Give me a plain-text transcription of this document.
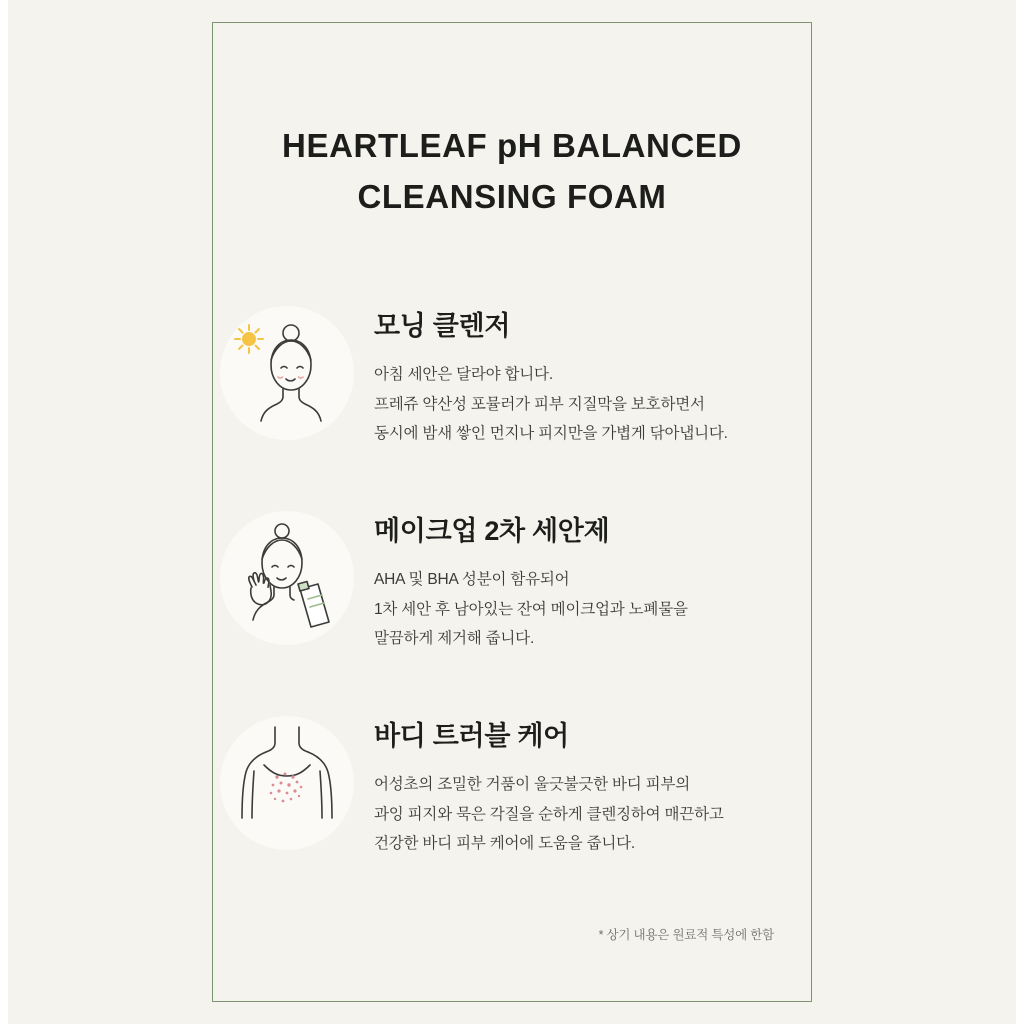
HEARTLEAF pH BALANCED
CLEANSING FOAM
모닝 클렌저
아침 세안은 달라야 합니다.
프레쥬 약산성 포뮬러가 피부 지질막을 보호하면서
동시에 밤새 쌓인 먼지나 피지만을 가볍게 닦아냅니다.
메이크업 2차 세안제
AHA 및 BHA 성분이 함유되어
1차 세안 후 남아있는 잔여 메이크업과 노폐물을
말끔하게 제거해 줍니다.
바디 트러블 케어
어성초의 조밀한 거품이 울긋불긋한 바디 피부의
과잉 피지와 묵은 각질을 순하게 클렌징하여 매끈하고
건강한 바디 피부 케어에 도움을 줍니다.
* 상기 내용은 원료적 특성에 한함
